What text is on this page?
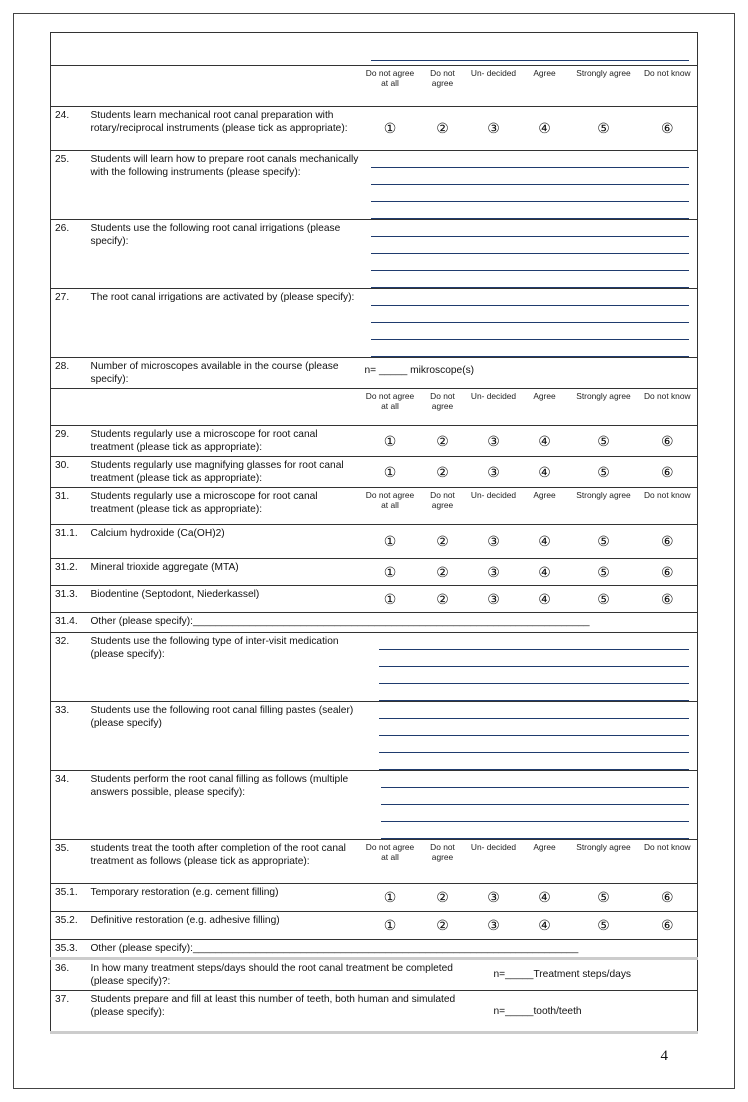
		Do not agree at all	Do not agree	Un- decided	Agree	Strongly agree	Do not know
24.	Students learn mechanical root canal preparation with rotary/reciprocal instruments (please tick as appropriate):	①	②	③	④	⑤	⑥
25.	Students will learn how to prepare root canals mechanically with the following instruments (please specify):						

26.	Students use the following root canal irrigations (please specify):						

27.	The root canal irrigations are activated by (please specify):						

28.	Number of microscopes available in the course (please specify):	n= _____ mikroscope(s)					
		Do not agree at all	Do not agree	Un- decided	Agree	Strongly agree	Do not know
29.	Students regularly use a microscope for root canal treatment (please tick as appropriate):	①	②	③	④	⑤	⑥
30.	Students regularly use magnifying glasses for root canal treatment (please tick as appropriate):	①	②	③	④	⑤	⑥
31.	Students regularly use a microscope for root canal treatment (please tick as appropriate):	Do not agree at all	Do not agree	Un- decided	Agree	Strongly agree	Do not know
31.1.	Calcium hydroxide (Ca(OH)2)	①	②	③	④	⑤	⑥
31.2.	Mineral trioxide aggregate (MTA)	①	②	③	④	⑤	⑥
31.3.	Biodentine (Septodont, Niederkassel)	①	②	③	④	⑤	⑥
31.4.	Other (please specify):______________________________________________________________________						
32.	Students use the following type of inter-visit medication (please specify):						

33.	Students use the following root canal filling pastes (sealer) (please specify)						

34.	Students perform the root canal filling as follows (multiple answers possible, please specify):						

35.	students treat the tooth after completion of the root canal treatment as follows (please tick as appropriate):	Do not agree at all	Do not agree	Un- decided	Agree	Strongly agree	Do not know
35.1.	Temporary restoration (e.g. cement filling)	①	②	③	④	⑤	⑥
35.2.	Definitive restoration (e.g. adhesive filling)	①	②	③	④	⑤	⑥
35.3.	Other (please specify):____________________________________________________________________						
36.	In how many treatment steps/days should the root canal treatment be completed (please specify)?:			n=_____Treatment steps/days			
37.	Students prepare and fill at least this number of teeth, both human and simulated (please specify):			n=_____tooth/teeth			
4
